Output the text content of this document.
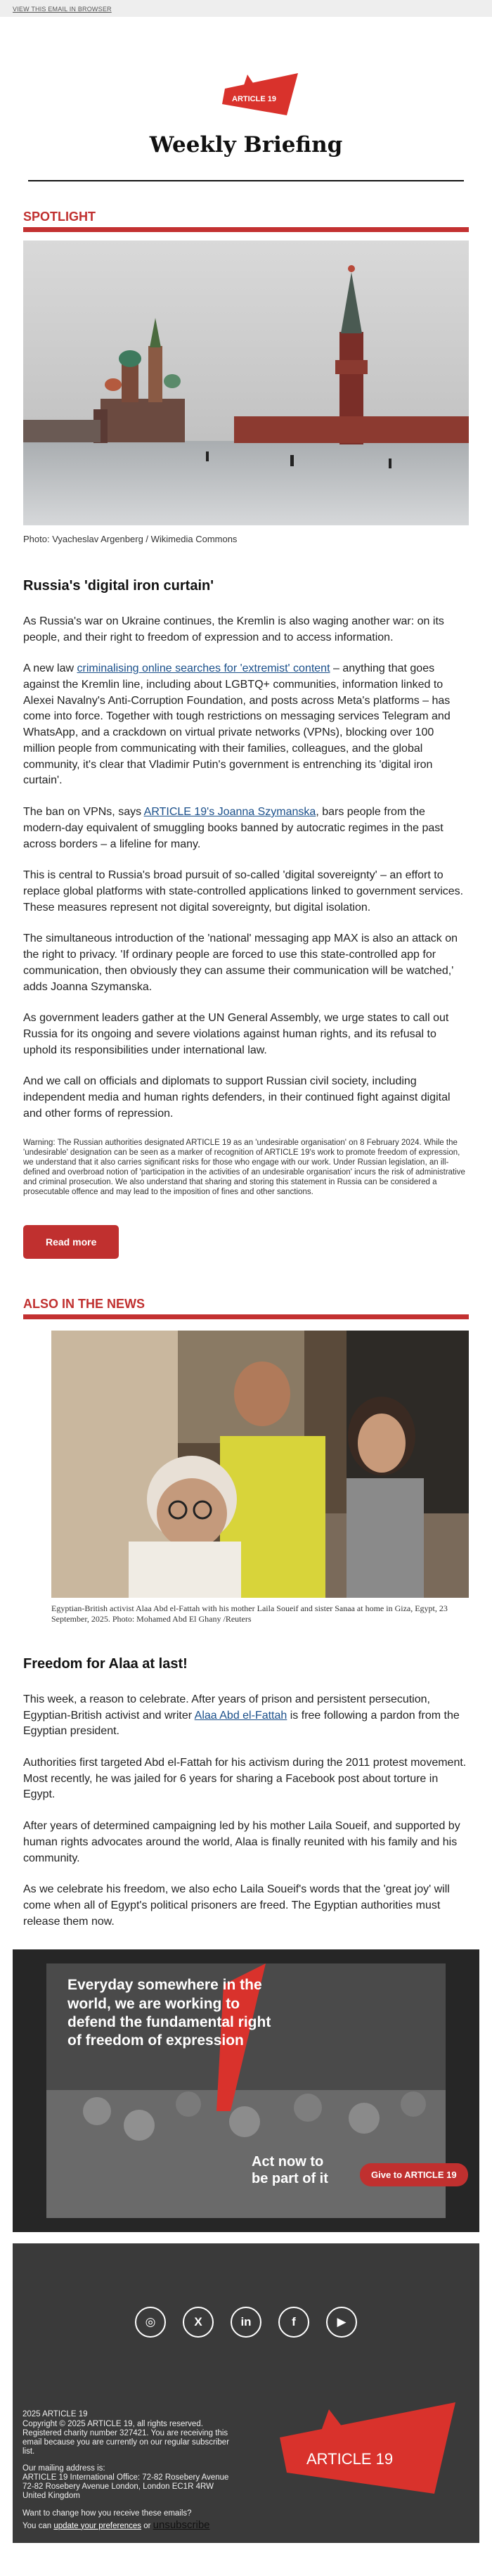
VIEW THIS EMAIL IN BROWSER
ARTICLE 19
Weekly Briefing
SPOTLIGHT
Photo: Vyacheslav Argenberg / Wikimedia Commons
Russia's 'digital iron curtain'

As Russia's war on Ukraine continues, the Kremlin is also waging another war: on its people, and their right to freedom of expression and to access information.

A new law criminalising online searches for 'extremist' content – anything that goes against the Kremlin line, including about LGBTQ+ communities, information linked to Alexei Navalny's Anti-Corruption Foundation, and posts across Meta's platforms – has come into force. Together with tough restrictions on messaging services Telegram and WhatsApp, and a crackdown on virtual private networks (VPNs), blocking over 100 million people from communicating with their families, colleagues, and the global community, it's clear that Vladimir Putin's government is entrenching its 'digital iron curtain'.

The ban on VPNs, says ARTICLE 19's Joanna Szymanska, bars people from the modern-day equivalent of smuggling books banned by autocratic regimes in the past across borders – a lifeline for many.

This is central to Russia's broad pursuit of so-called 'digital sovereignty' – an effort to replace global platforms with state-controlled applications linked to government services. These measures represent not digital sovereignty, but digital isolation.

The simultaneous introduction of the 'national' messaging app MAX is also an attack on the right to privacy. 'If ordinary people are forced to use this state-controlled app for communication, then obviously they can assume their communication will be watched,' adds Joanna Szymanska.

As government leaders gather at the UN General Assembly, we urge states to call out Russia for its ongoing and severe violations against human rights, and its refusal to uphold its responsibilities under international law.

And we call on officials and diplomats to support Russian civil society, including independent media and human rights defenders, in their continued fight against digital and other forms of repression.

Warning: The Russian authorities designated ARTICLE 19 as an 'undesirable organisation' on 8 February 2024. While the 'undesirable' designation can be seen as a marker of recognition of ARTICLE 19's work to promote freedom of expression, we understand that it also carries significant risks for those who engage with our work. Under Russian legislation, an ill-defined and overbroad notion of 'participation in the activities of an undesirable organisation' incurs the risk of administrative and criminal prosecution. We also understand that sharing and storing this statement in Russia can be considered a prosecutable offence and may lead to the imposition of fines and other sanctions.

Read more
ALSO IN THE NEWS
Egyptian-British activist Alaa Abd el-Fattah with his mother Laila Soueif and sister Sanaa at home in Giza, Egypt, 23 September, 2025. Photo: Mohamed Abd El Ghany /Reuters
Freedom for Alaa at last!

This week, a reason to celebrate. After years of prison and persistent persecution, Egyptian-British activist and writer Alaa Abd el-Fattah is free following a pardon from the Egyptian president.

Authorities first targeted Abd el-Fattah for his activism during the 2011 protest movement. Most recently, he was jailed for 6 years for sharing a Facebook post about torture in Egypt.

After years of determined campaigning led by his mother Laila Soueif, and supported by human rights advocates around the world, Alaa is finally reunited with his family and his community.

As we celebrate his freedom, we also echo Laila Soueif's words that the 'great joy' will come when all of Egypt's political prisoners are freed. The Egyptian authorities must release them now.

Everyday somewhere in the world, we are working to defend the fundamental right of freedom of expression
Act now to be part of it	Give to ARTICLE 19
◎	X	in	f	▶
2025 ARTICLE 19
Copyright © 2025 ARTICLE 19, all rights reserved.
Registered charity number 327421. You are receiving this email because you are currently on our regular subscriber list.
Our mailing address is:
ARTICLE 19 International Office: 72-82 Rosebery Avenue 72-82 Rosebery Avenue London, London EC1R 4RW United Kingdom
Want to change how you receive these emails?
You can update your preferences or unsubscribe
ARTICLE 19
